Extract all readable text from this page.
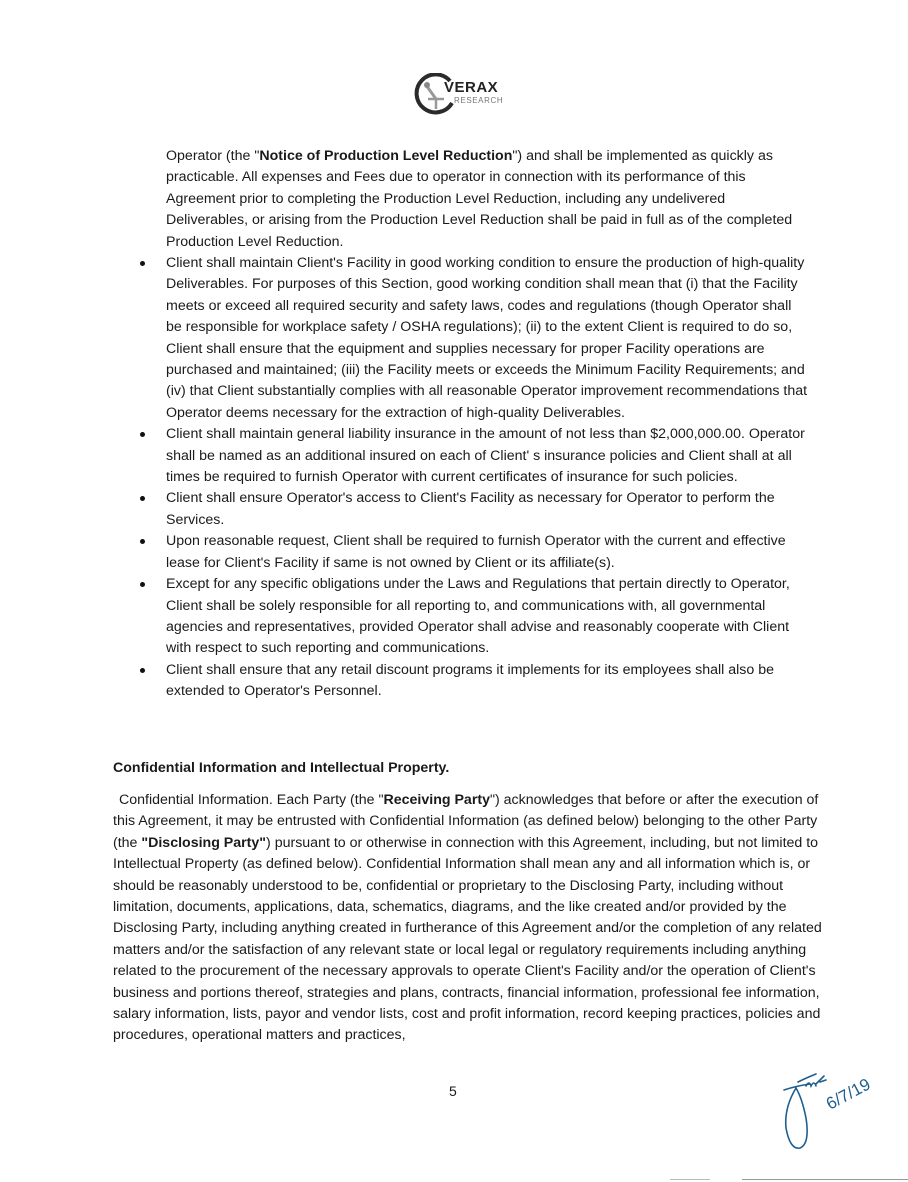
VERAX
RESEARCH
Operator (the "Notice of Production Level Reduction") and shall be implemented as quickly as practicable. All expenses and Fees due to operator in connection with its performance of this Agreement prior to completing the Production Level Reduction, including any undelivered Deliverables, or arising from the Production Level Reduction shall be paid in full as of the completed Production Level Reduction.
Client shall maintain Client's Facility in good working condition to ensure the production of high-quality Deliverables. For purposes of this Section, good working condition shall mean that (i) that the Facility meets or exceed all required security and safety laws, codes and regulations (though Operator shall be responsible for workplace safety / OSHA regulations); (ii) to the extent Client is required to do so, Client shall ensure that the equipment and supplies necessary for proper Facility operations are purchased and maintained; (iii) the Facility meets or exceeds the Minimum Facility Requirements; and (iv) that Client substantially complies with all reasonable Operator improvement recommendations that Operator deems necessary for the extraction of high-quality Deliverables.
Client shall maintain general liability insurance in the amount of not less than $2,000,000.00. Operator shall be named as an additional insured on each of Client' s insurance policies and Client shall at all times be required to furnish Operator with current certificates of insurance for such policies.
Client shall ensure Operator's access to Client's Facility as necessary for Operator to perform the Services.
Upon reasonable request, Client shall be required to furnish Operator with the current and effective lease for Client's Facility if same is not owned by Client or its affiliate(s).
Except for any specific obligations under the Laws and Regulations that pertain directly to Operator, Client shall be solely responsible for all reporting to, and communications with, all governmental agencies and representatives, provided Operator shall advise and reasonably cooperate with Client with respect to such reporting and communications.
Client shall ensure that any retail discount programs it implements for its employees shall also be extended to Operator's Personnel.
Confidential Information and Intellectual Property.
Confidential Information. Each Party (the "Receiving Party") acknowledges that before or after the execution of this Agreement, it may be entrusted with Confidential Information (as defined below) belonging to the other Party (the "Disclosing Party") pursuant to or otherwise in connection with this Agreement, including, but not limited to Intellectual Property (as defined below). Confidential Information shall mean any and all information which is, or should be reasonably understood to be, confidential or proprietary to the Disclosing Party, including without limitation, documents, applications, data, schematics, diagrams, and the like created and/or provided by the Disclosing Party, including anything created in furtherance of this Agreement and/or the completion of any related matters and/or the satisfaction of any relevant state or local legal or regulatory requirements including anything related to the procurement of the necessary approvals to operate Client's Facility and/or the operation of Client's business and portions thereof, strategies and plans, contracts, financial information, professional fee information, salary information, lists, payor and vendor lists, cost and profit information, record keeping practices, policies and procedures, operational matters and practices,
5	6/7/19
